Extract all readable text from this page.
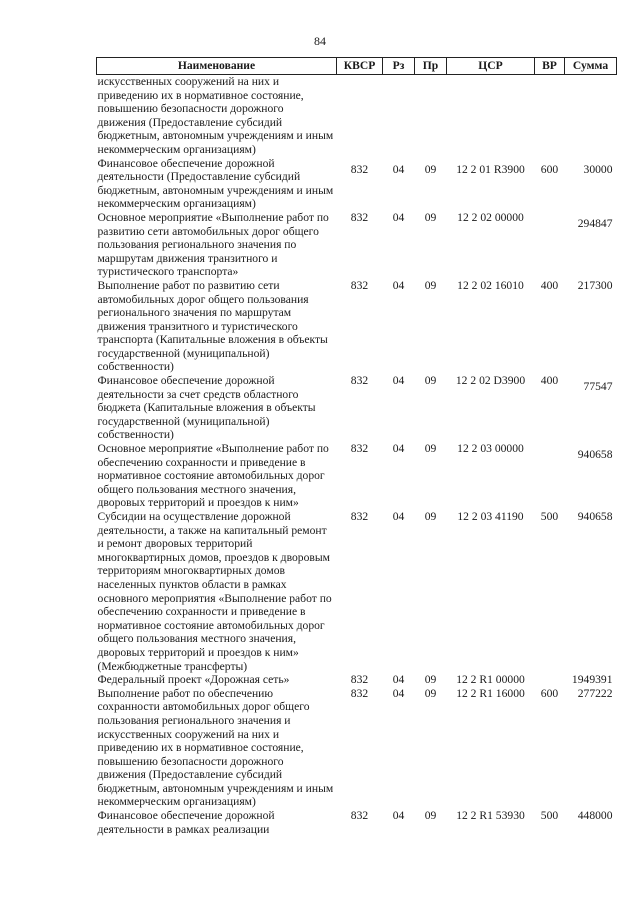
84
Наименование	КВСР	Рз	Пр	ЦСР	ВР	Сумма
искусственных сооружений на них и приведению их в нормативное состояние, повышению безопасности дорожного движения (Предоставление субсидий бюджетным, автономным учреждениям и иным некоммерческим организациям)						
Финансовое обеспечение дорожной деятельности (Предоставление субсидий бюджетным, автономным учреждениям и иным некоммерческим организациям)	832	04	09	12 2 01 R3900	600	30000
Основное мероприятие «Выполнение работ по развитию сети автомобильных дорог общего пользования регионального значения по маршрутам движения транзитного и туристического транспорта»	832	04	09	12 2 02 00000		294847
Выполнение работ по развитию сети автомобильных дорог общего пользования регионального значения по маршрутам движения транзитного и туристического транспорта (Капитальные вложения в объекты государственной (муниципальной) собственности)	832	04	09	12 2 02 16010	400	217300
Финансовое обеспечение дорожной деятельности за счет средств областного бюджета (Капитальные вложения в объекты государственной (муниципальной) собственности)	832	04	09	12 2 02 D3900	400	77547
Основное мероприятие «Выполнение работ по обеспечению сохранности и приведение в нормативное состояние автомобильных дорог общего пользования местного значения, дворовых территорий и проездов к ним»	832	04	09	12 2 03 00000		940658
Субсидии на осуществление дорожной деятельности, а также на капитальный ремонт и ремонт дворовых территорий многоквартирных домов, проездов к дворовым территориям многоквартирных домов населенных пунктов области в рамках основного мероприятия «Выполнение работ по обеспечению сохранности и приведение в нормативное состояние автомобильных дорог общего пользования местного значения, дворовых территорий и проездов к ним» (Межбюджетные трансферты)	832	04	09	12 2 03 41190	500	940658
Федеральный проект «Дорожная сеть»	832	04	09	12 2 R1 00000		1949391
Выполнение работ по обеспечению сохранности автомобильных дорог общего пользования регионального значения и искусственных сооружений на них и приведению их в нормативное состояние, повышению безопасности дорожного движения (Предоставление субсидий бюджетным, автономным учреждениям и иным некоммерческим организациям)	832	04	09	12 2 R1 16000	600	277222
Финансовое обеспечение дорожной деятельности в рамках реализации	832	04	09	12 2 R1 53930	500	448000
